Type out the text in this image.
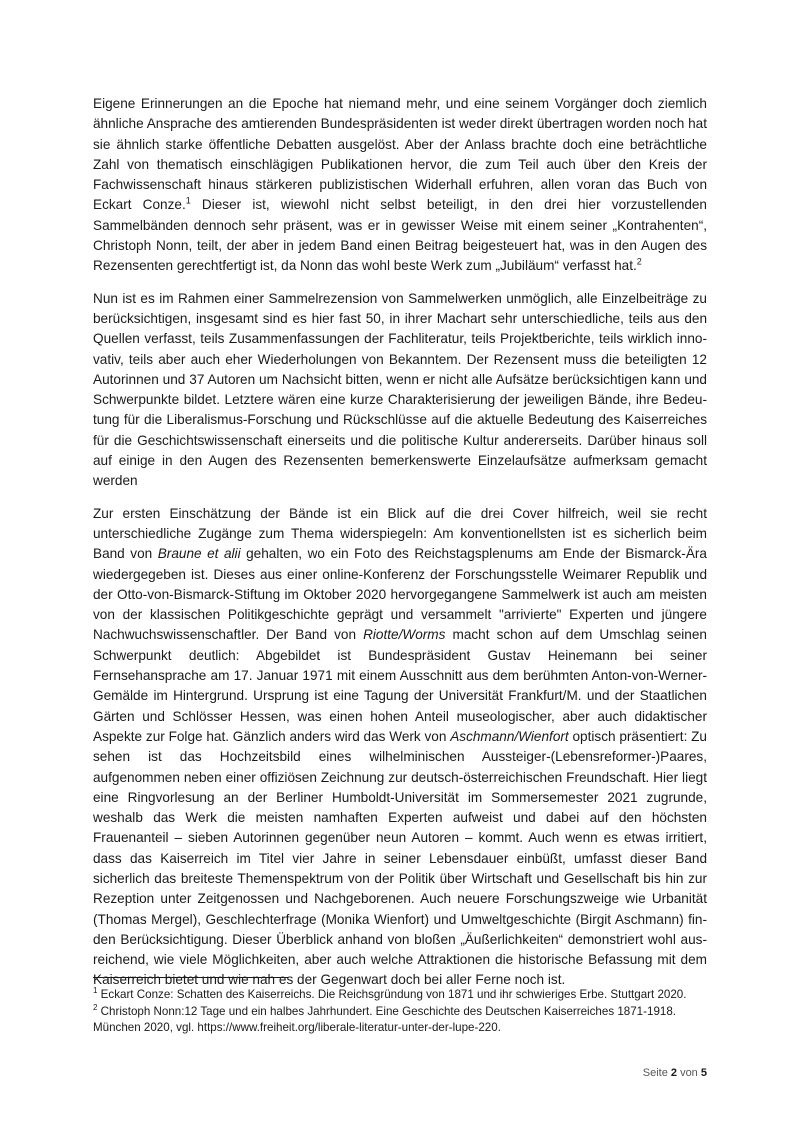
Eigene Erinnerungen an die Epoche hat niemand mehr, und eine seinem Vorgänger doch ziemlich ähnliche Ansprache des amtierenden Bundespräsidenten ist weder direkt übertragen worden noch hat sie ähnlich starke öffentliche Debatten ausgelöst. Aber der Anlass brachte doch eine beträchtliche Zahl von thematisch einschlägigen Publikationen hervor, die zum Teil auch über den Kreis der Fachwissenschaft hinaus stärkeren publizistischen Widerhall erfuhren, allen voran das Buch von Eckart Conze.$^1$ Dieser ist, wiewohl nicht selbst beteiligt, in den drei hier vorzustellenden Sammelbänden dennoch sehr präsent, was er in gewisser Weise mit einem seiner „Kontrahenten“, Christoph Nonn, teilt, der aber in jedem Band einen Beitrag beigesteuert hat, was in den Augen des Rezensenten gerechtfertigt ist, da Nonn das wohl beste Werk zum „Jubiläum“ verfasst hat.$^2$

Nun ist es im Rahmen einer Sammelrezension von Sammelwerken unmöglich, alle Einzelbeiträge zu berücksichtigen, insgesamt sind es hier fast 50, in ihrer Machart sehr unterschiedliche, teils aus den Quellen verfasst, teils Zusammenfassungen der Fachliteratur, teils Projektberichte, teils wirklich innovativ, teils aber auch eher Wiederholungen von Bekanntem. Der Rezensent muss die beteiligten 12 Autorinnen und 37 Autoren um Nachsicht bitten, wenn er nicht alle Aufsätze berücksichtigen kann und Schwerpunkte bildet. Letztere wären eine kurze Charakterisierung der jeweiligen Bände, ihre Bedeutung für die Liberalismus-Forschung und Rückschlüsse auf die aktuelle Bedeutung des Kaiserreiches für die Geschichtswissenschaft einerseits und die politische Kultur andererseits. Darüber hinaus soll auf einige in den Augen des Rezensenten bemerkenswerte Einzelaufsätze aufmerksam gemacht werden

Zur ersten Einschätzung der Bände ist ein Blick auf die drei Cover hilfreich, weil sie recht unterschiedliche Zugänge zum Thema widerspiegeln: Am konventionellsten ist es sicherlich beim Band von Braune et alii gehalten, wo ein Foto des Reichstagsplenums am Ende der Bismarck-Ära wiedergegeben ist. Dieses aus einer online-Konferenz der Forschungsstelle Weimarer Republik und der Otto-von-Bismarck-Stiftung im Oktober 2020 hervorgegangene Sammelwerk ist auch am meisten von der klassischen Politikgeschichte geprägt und versammelt "arrivierte" Experten und jüngere Nachwuchswissenschaftler. Der Band von Riotte/Worms macht schon auf dem Umschlag seinen Schwerpunkt deutlich: Abgebildet ist Bundespräsident Gustav Heinemann bei seiner Fernsehansprache am 17. Januar 1971 mit einem Ausschnitt aus dem berühmten Anton-von-Werner-Gemälde im Hintergrund. Ursprung ist eine Tagung der Universität Frankfurt/M. und der Staatlichen Gärten und Schlösser Hessen, was einen hohen Anteil museologischer, aber auch didaktischer Aspekte zur Folge hat. Gänzlich anders wird das Werk von Aschmann/Wienfort optisch präsentiert: Zu sehen ist das Hochzeitsbild eines wilhelminischen Aussteiger-(Lebensreformer-)Paares, aufgenommen neben einer offiziösen Zeichnung zur deutsch-österreichischen Freundschaft. Hier liegt eine Ringvorlesung an der Berliner Humboldt-Universität im Sommersemester 2021 zugrunde, weshalb das Werk die meisten namhaften Experten aufweist und dabei auf den höchsten Frauenanteil – sieben Autorinnen gegenüber neun Autoren – kommt. Auch wenn es etwas irritiert, dass das Kaiserreich im Titel vier Jahre in seiner Lebensdauer einbüßt, umfasst dieser Band sicherlich das breiteste Themenspektrum von der Politik über Wirtschaft und Gesellschaft bis hin zur Rezeption unter Zeitgenossen und Nachgeborenen. Auch neuere Forschungszweige wie Urbanität (Thomas Mergel), Geschlechterfrage (Monika Wienfort) und Umweltgeschichte (Birgit Aschmann) finden Berücksichtigung. Dieser Überblick anhand von bloßen „Äußerlichkeiten“ demonstriert wohl ausreichend, wie viele Möglichkeiten, aber auch welche Attraktionen die historische Befassung mit dem Kaiserreich bietet und wie nah es der Gegenwart doch bei aller Ferne noch ist.

$^1$ Eckart Conze: Schatten des Kaiserreichs. Die Reichsgründung von 1871 und ihr schwieriges Erbe. Stuttgart 2020.

$^2$ Christoph Nonn:12 Tage und ein halbes Jahrhundert. Eine Geschichte des Deutschen Kaiserreiches 1871-1918. München 2020, vgl. https://www.freiheit.org/liberale-literatur-unter-der-lupe-220.

Seite 2 von 5
